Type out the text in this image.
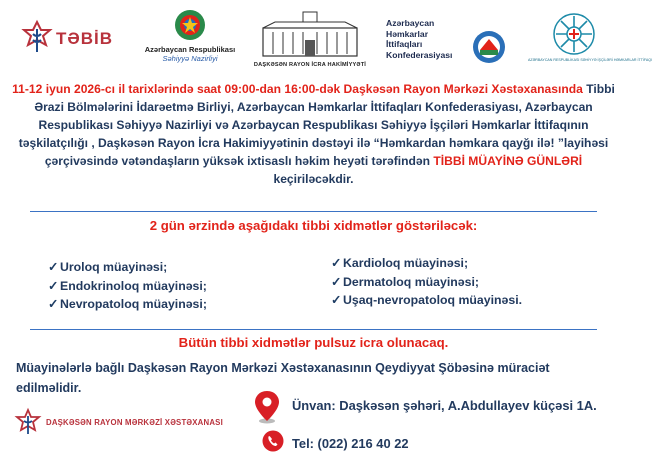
TƏBİB
Azərbaycan Respublikası
Səhiyyə Nazirliyi
DAŞKƏSƏN RAYON İCRA HAKİMİYYƏTİ
Azərbaycan
Həmkarlar
İttifaqları
Konfederasiyası
AZƏRBAYCAN RESPUBLİKASI SƏHİYYƏ İŞÇİLƏRİ HƏMKARLAR İTTİFAQI

11-12 iyun 2026-cı il tarixlərində saat 09:00-dan 16:00-dək Daşkəsən Rayon Mərkəzi Xəstəxanasında Tibbi Ərazi Bölmələrini İdarəetmə Birliyi, Azərbaycan Həmkarlar İttifaqları Konfederasiyası, Azərbaycan Respublikası Səhiyyə Nazirliyi və Azərbaycan Respublikası Səhiyyə İşçiləri Həmkarlar İttifaqının təşkilatçılığı , Daşkəsən Rayon İcra Hakimiyyətinin dəstəyi ilə “Həmkardan həmkara qayğı ilə! ”layihəsi çərçivəsində vətəndaşların yüksək ixtisaslı həkim heyəti tərəfindən TİBBİ MÜAYİNƏ GÜNLƏRİ keçiriləcəkdir.

2 gün ərzində aşağıdakı tibbi xidmətlər göstəriləcək:
✓ Uroloq müayinəsi;
✓ Endokrinoloq müayinəsi;
✓ Nevropatoloq müayinəsi;
✓ Kardioloq müayinəsi;
✓ Dermatoloq müayinəsi;
✓ Uşaq-nevropatoloq müayinəsi.
Bütün tibbi xidmətlər pulsuz icra olunacaq.

Müayinələrlə bağlı Daşkəsən Rayon Mərkəzi Xəstəxanasının Qeydiyyat Şöbəsinə müraciət edilməlidir.

DAŞKƏSƏN RAYON MƏRKƏZİ XƏSTƏXANASI
Ünvan: Daşkəsən şəhəri, A.Abdullayev küçəsi 1A.
Tel: (022) 216 40 22
